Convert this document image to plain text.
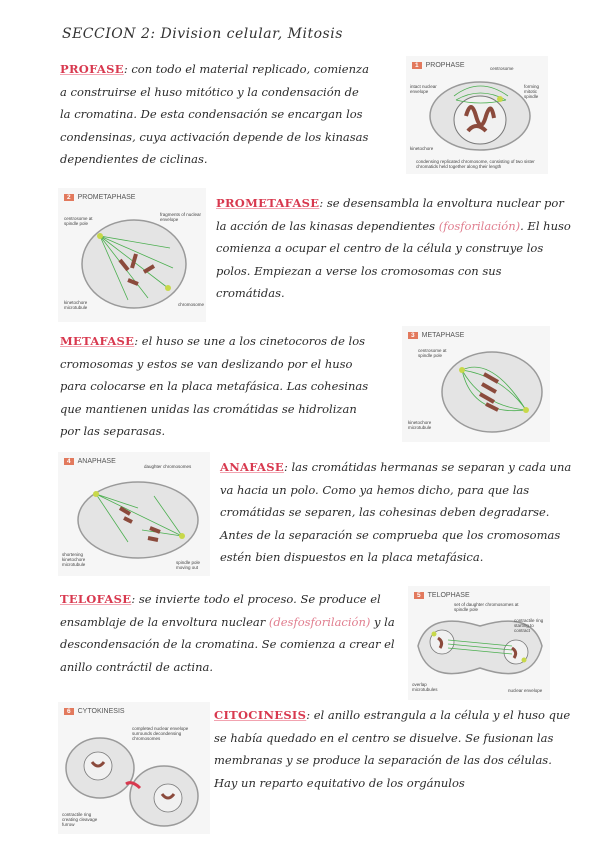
SECCION 2: Division celular, Mitosis
PROFASE: con todo el material replicado, comienza a construirse el huso mitótico y la condensación de la cromatina. De esta condensación se encargan los condensinas, cuya activación depende de los kinasas dependientes de ciclinas.
1	PROPHASE	centrosome
intact nuclear envelope
forming mitotic spindle
kinetochore
condensing replicated chromosome, consisting of two sister chromatids held together along their length
2	PROMETAPHASE
centrosome at spindle pole
fragments of nuclear envelope
kinetochore microtubule
chromosome
PROMETAFASE: se desensambla la envoltura nuclear por la acción de las kinasas dependientes (fosforilación). El huso comienza a ocupar el centro de la célula y construye los polos. Empiezan a verse los cromosomas con sus cromátidas.
METAFASE: el huso se une a los cinetocoros de los cromosomas y estos se van deslizando por el huso para colocarse en la placa metafásica. Las cohesinas que mantienen unidas las cromátidas se hidrolizan por las separasas.
3	METAPHASE
centrosome at spindle pole
kinetochore microtubule
4	ANAPHASE
daughter chromosomes
shortening kinetochore microtubule	spindle pole moving out
ANAFASE: las cromátidas hermanas se separan y cada una va hacia un polo. Como ya hemos dicho, para que las cromátidas se separen, las cohesinas deben degradarse. Antes de la separación se comprueba que los cromosomas estén bien dispuestos en la placa metafásica.
TELOFASE: se invierte todo el proceso. Se produce el ensamblaje de la envoltura nuclear (desfosforilación) y la descondensación de la cromatina. Se comienza a crear el anillo contráctil de actina.
5	TELOPHASE
set of daughter chromosomes at spindle pole
contractile ring starting to contract
overlap microtubules	nuclear envelope
6	CYTOKINESIS
completed nuclear envelope surrounds decondensing chromosomes
contractile ring creating cleavage furrow
CITOCINESIS: el anillo estrangula a la célula y el huso que se había quedado en el centro se disuelve. Se fusionan las membranas y se produce la separación de las dos células. Hay un reparto equitativo de los orgánulos
